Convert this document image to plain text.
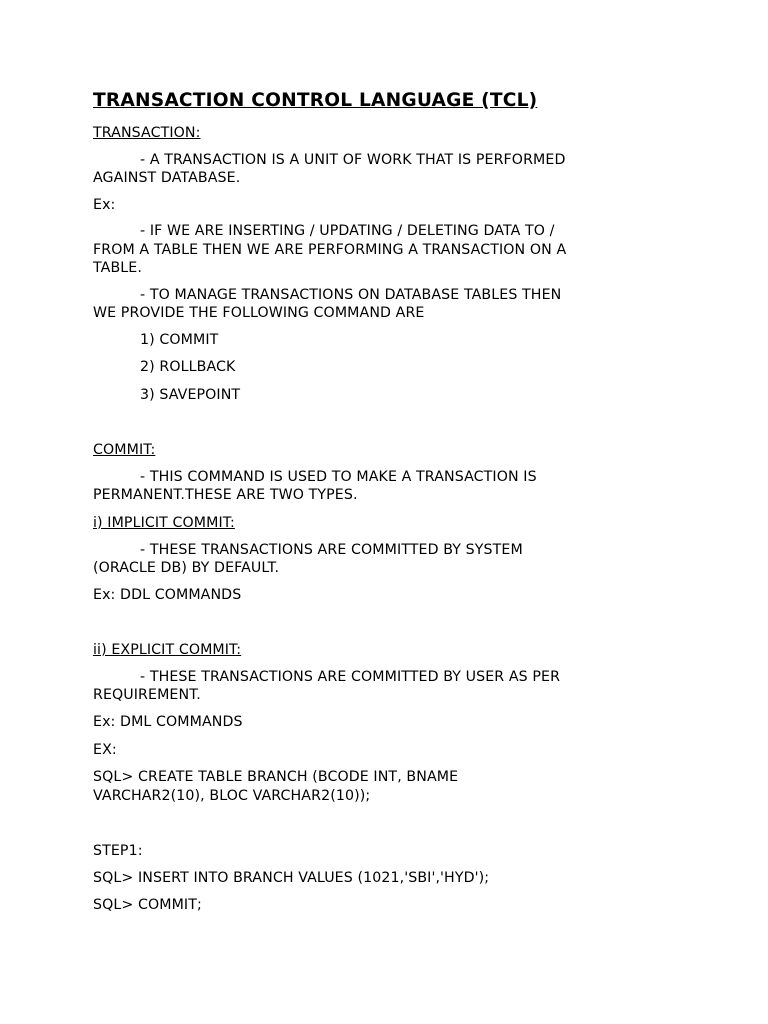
TRANSACTION CONTROL LANGUAGE (TCL)
TRANSACTION:
- A TRANSACTION IS A UNIT OF WORK THAT IS PERFORMED
AGAINST DATABASE.
Ex:
- IF WE ARE INSERTING / UPDATING / DELETING DATA TO /
FROM A TABLE THEN WE ARE PERFORMING A TRANSACTION ON A
TABLE.
- TO MANAGE TRANSACTIONS ON DATABASE TABLES THEN
WE PROVIDE THE FOLLOWING COMMAND ARE
1) COMMIT
2) ROLLBACK
3) SAVEPOINT
COMMIT:
- THIS COMMAND IS USED TO MAKE A TRANSACTION IS
PERMANENT.THESE ARE TWO TYPES.
i) IMPLICIT COMMIT:
- THESE TRANSACTIONS ARE COMMITTED BY SYSTEM
(ORACLE DB) BY DEFAULT.
Ex: DDL COMMANDS
ii) EXPLICIT COMMIT:
- THESE TRANSACTIONS ARE COMMITTED BY USER AS PER
REQUIREMENT.
Ex: DML COMMANDS
EX:
SQL> CREATE TABLE BRANCH (BCODE INT, BNAME
VARCHAR2(10), BLOC VARCHAR2(10));
STEP1:
SQL> INSERT INTO BRANCH VALUES (1021,'SBI','HYD');
SQL> COMMIT;
